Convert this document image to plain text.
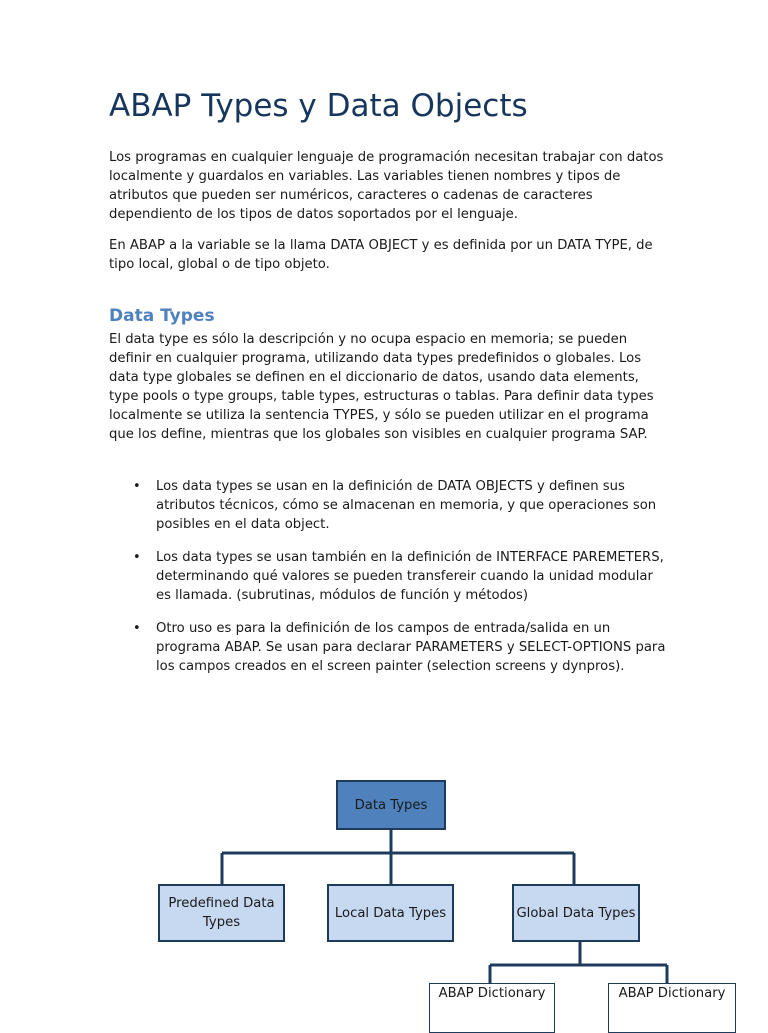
ABAP Types y Data Objects

Los programas en cualquier lenguaje de programación necesitan trabajar con datos localmente y guardalos en variables. Las variables tienen nombres y tipos de atributos que pueden ser numéricos, caracteres o cadenas de caracteres dependiento de los tipos de datos soportados por el lenguaje.

En ABAP a la variable se la llama DATA OBJECT y es definida por un DATA TYPE, de tipo local, global o de tipo objeto.

Data Types

El data type es sólo la descripción y no ocupa espacio en memoria; se pueden definir en cualquier programa, utilizando data types predefinidos o globales. Los data type globales se definen en el diccionario de datos, usando data elements, type pools o type groups, table types, estructuras o tablas. Para definir data types localmente se utiliza la sentencia TYPES, y sólo se pueden utilizar en el programa que los define, mientras que los globales son visibles en cualquier programa SAP.

• Los data types se usan en la definición de DATA OBJECTS y definen sus atributos técnicos, cómo se almacenan en memoria, y que operaciones son posibles en el data object.
• Los data types se usan también en la definición de INTERFACE PAREMETERS, determinando qué valores se pueden transfereir cuando la unidad modular es llamada. (subrutinas, módulos de función y métodos)
• Otro uso es para la definición de los campos de entrada/salida en un programa ABAP. Se usan para declarar PARAMETERS y SELECT-OPTIONS para los campos creados en el screen painter (selection screens y dynpros).
Data Types
Predefined Data Types
Local Data Types	Global Data Types
ABAP Dictionary	ABAP Dictionary
